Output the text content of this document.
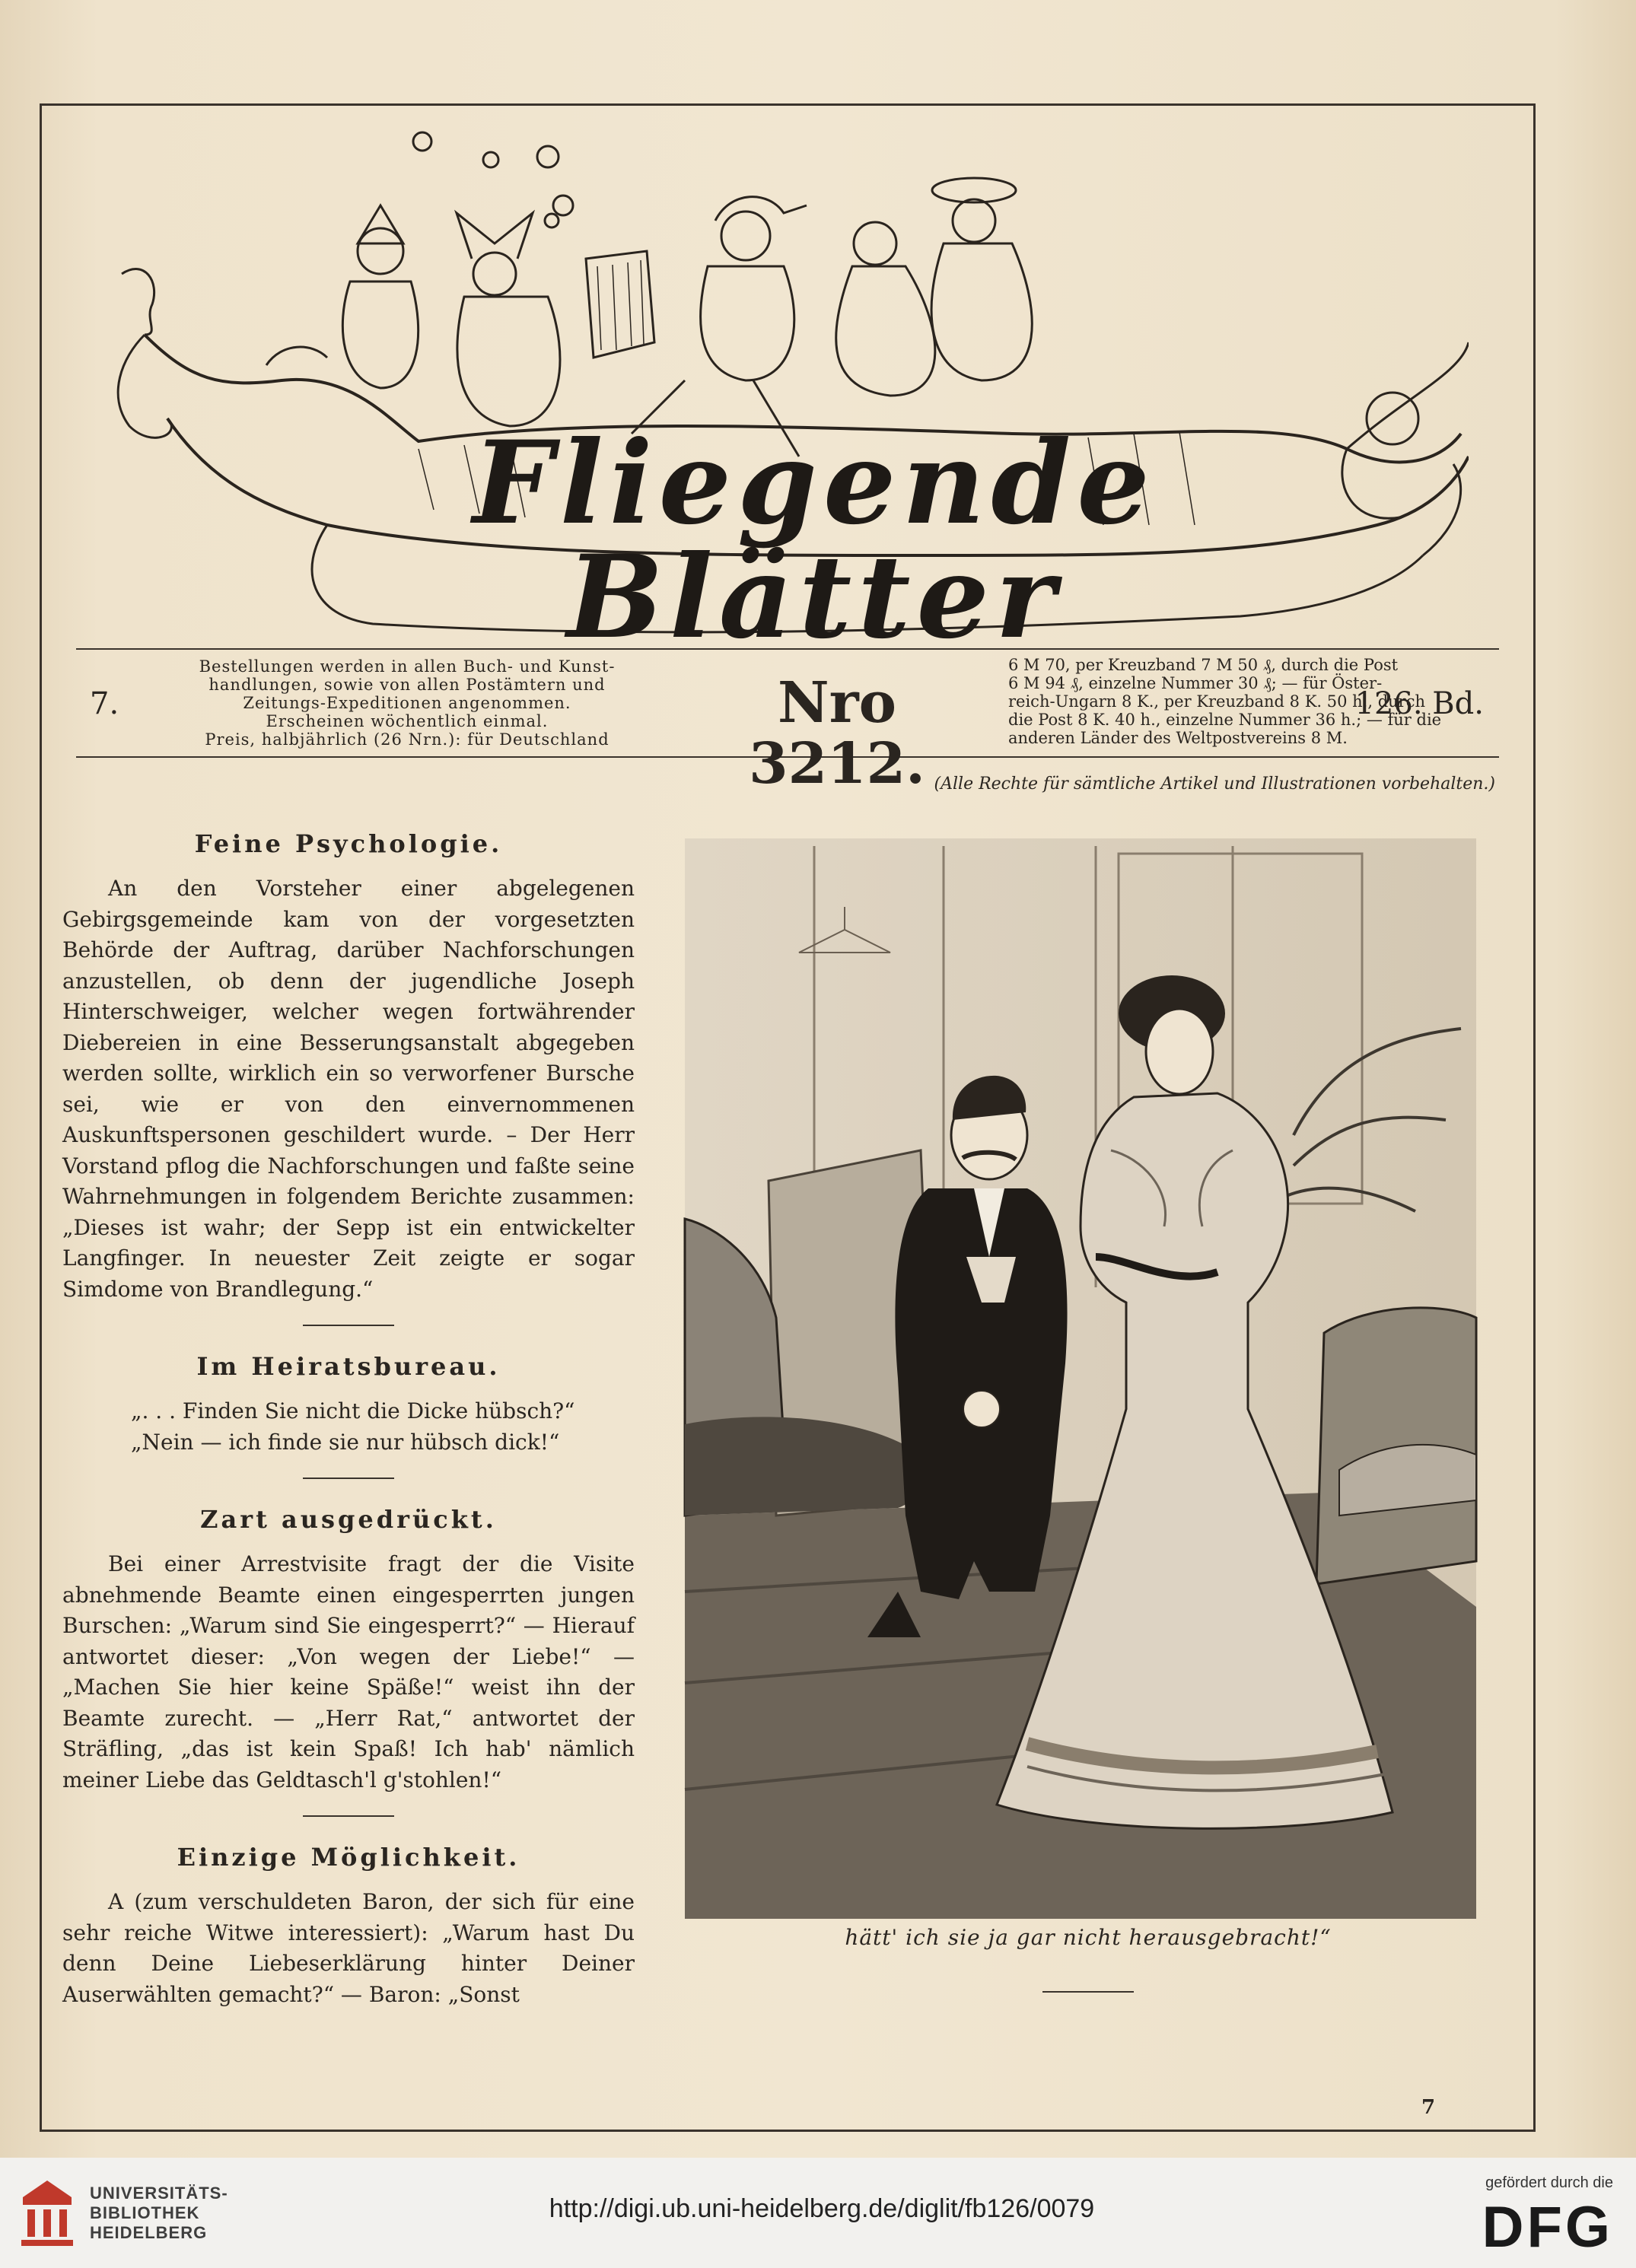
Fliegende Blätter
7.
Bestellungen werden in allen Buch- und Kunst-
handlungen, sowie von allen Postämtern und
Zeitungs-Expeditionen angenommen.
Erscheinen wöchentlich einmal.
Preis, halbjährlich (26 Nrn.): für Deutschland
Nro 3212.
6 M 70, per Kreuzband 7 M 50 ₰, durch die Post
6 M 94 ₰, einzelne Nummer 30 ₰; — für Öster-
reich-Ungarn 8 K., per Kreuzband 8 K. 50 h., durch
die Post 8 K. 40 h., einzelne Nummer 36 h.; — für die
anderen Länder des Weltpostvereins 8 M.
126. Bd.
(Alle Rechte für sämtliche Artikel und Illustrationen vorbehalten.)
Feine Psychologie.

An den Vorsteher einer abgelegenen Gebirgsgemeinde kam von der vorgesetzten Behörde der Auftrag, darüber Nachforschungen anzustellen, ob denn der jugendliche Joseph Hinterschweiger, welcher wegen fortwährender Diebereien in eine Besserungsanstalt abgegeben werden sollte, wirklich ein so verworfener Bursche sei, wie er von den einvernommenen Auskunftspersonen geschildert wurde. – Der Herr Vorstand pflog die Nachforschungen und faßte seine Wahrnehmungen in folgendem Berichte zusammen: „Dieses ist wahr; der Sepp ist ein entwickelter Langfinger. In neuester Zeit zeigte er sogar Simdome von Brandlegung.“

Im Heiratsbureau.

„. . . Finden Sie nicht die Dicke hübsch?“

„Nein — ich finde sie nur hübsch dick!“

Zart ausgedrückt.

Bei einer Arrestvisite fragt der die Visite abnehmende Beamte einen eingesperrten jungen Burschen: „Warum sind Sie eingesperrt?“ — Hierauf antwortet dieser: „Von wegen der Liebe!“ — „Machen Sie hier keine Späße!“ weist ihn der Beamte zurecht. — „Herr Rat,“ antwortet der Sträfling, „das ist kein Spaß! Ich hab' nämlich meiner Liebe das Geldtasch'l g'stohlen!“

Einzige Möglichkeit.

A (zum verschuldeten Baron, der sich für eine sehr reiche Witwe interessiert): „Warum hast Du denn Deine Liebeserklärung hinter Deiner Auserwählten gemacht?“ — Baron: „Sonst

hätt' ich sie ja gar nicht herausgebracht!“
7
UNIVERSITÄTS-
BIBLIOTHEK
HEIDELBERG
http://digi.ub.uni-heidelberg.de/diglit/fb126/0079
gefördert durch die
DFG
